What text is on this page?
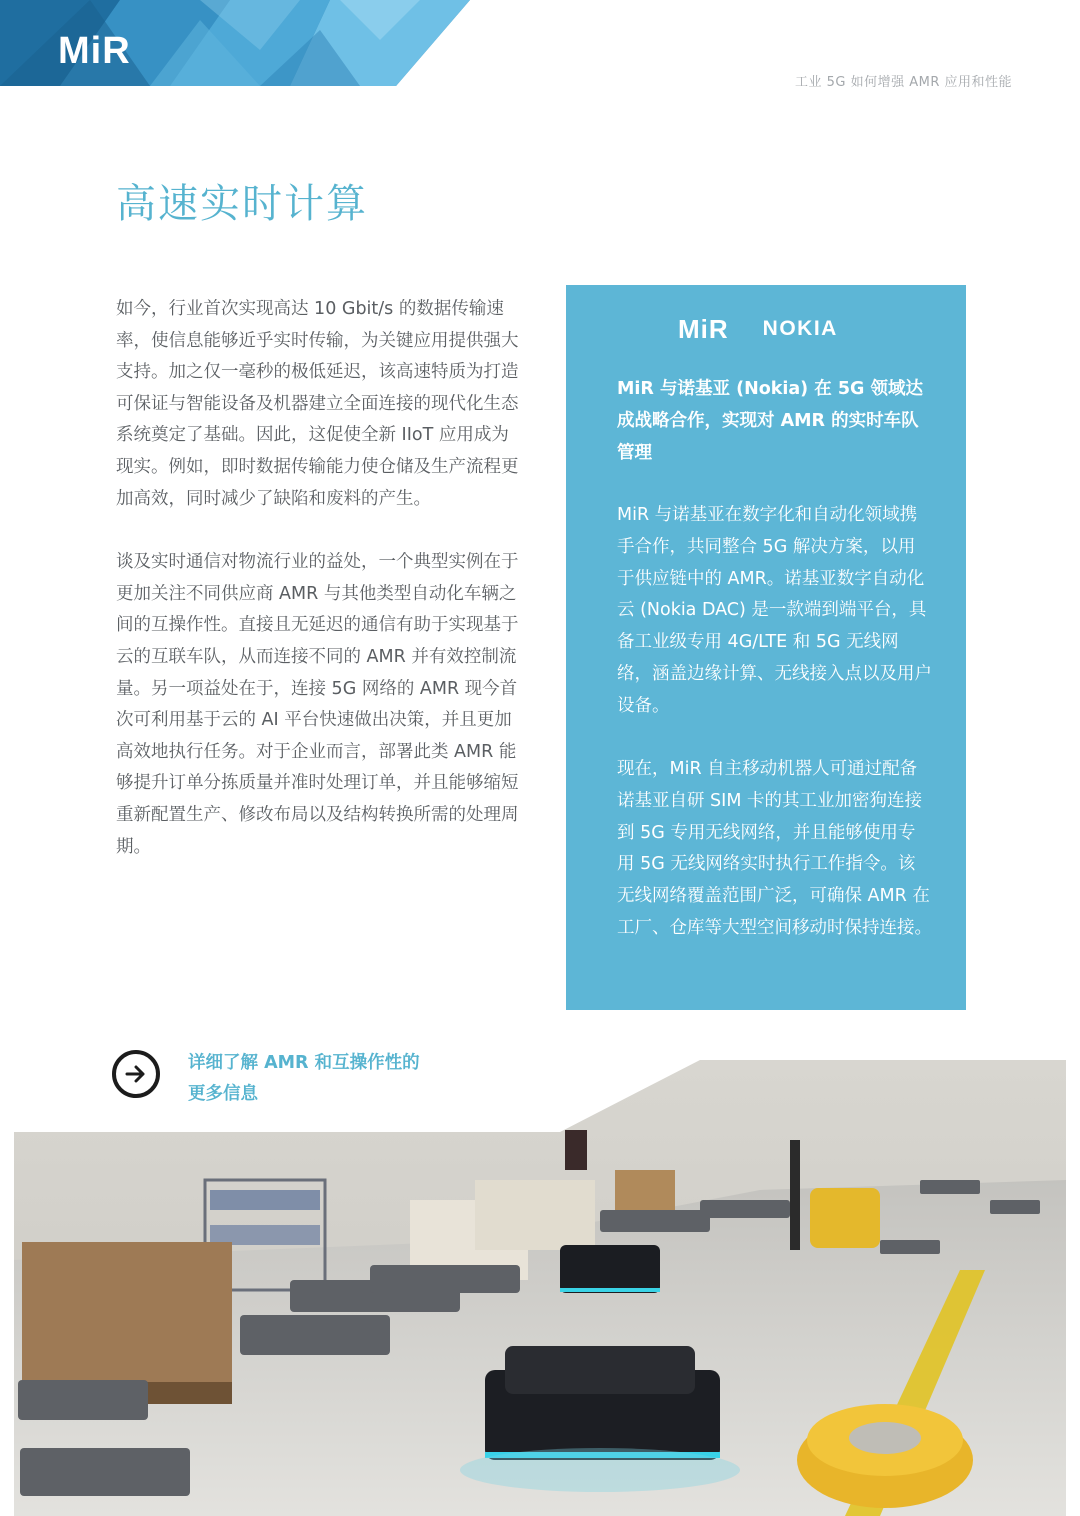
MiR
工业 5G 如何增强 AMR 应用和性能
高速实时计算

如今，行业首次实现高达 10 Gbit/s 的数据传输速率，使信息能够近乎实时传输，为关键应用提供强大支持。加之仅一毫秒的极低延迟，该高速特质为打造可保证与智能设备及机器建立全面连接的现代化生态系统奠定了基础。因此，这促使全新 IIoT 应用成为现实。例如，即时数据传输能力使仓储及生产流程更加高效，同时减少了缺陷和废料的产生。

谈及实时通信对物流行业的益处，一个典型实例在于更加关注不同供应商 AMR 与其他类型自动化车辆之间的互操作性。直接且无延迟的通信有助于实现基于云的互联车队，从而连接不同的 AMR 并有效控制流量。另一项益处在于，连接 5G 网络的 AMR 现今首次可利用基于云的 AI 平台快速做出决策，并且更加高效地执行任务。对于企业而言，部署此类 AMR 能够提升订单分拣质量并准时处理订单，并且能够缩短重新配置生产、修改布局以及结构转换所需的处理周期。

MiR NOKIA

MiR 与诺基亚 (Nokia) 在 5G 领域达成战略合作，实现对 AMR 的实时车队管理

MiR 与诺基亚在数字化和自动化领域携手合作，共同整合 5G 解决方案，以用于供应链中的 AMR。诺基亚数字自动化云 (Nokia DAC) 是一款端到端平台，具备工业级专用 4G/LTE 和 5G 无线网络，涵盖边缘计算、无线接入点以及用户设备。

现在，MiR 自主移动机器人可通过配备诺基亚自研 SIM 卡的其工业加密狗连接到 5G 专用无线网络，并且能够使用专用 5G 无线网络实时执行工作指令。该无线网络覆盖范围广泛，可确保 AMR 在工厂、仓库等大型空间移动时保持连接。

详细了解 AMR 和互操作性的更多信息
